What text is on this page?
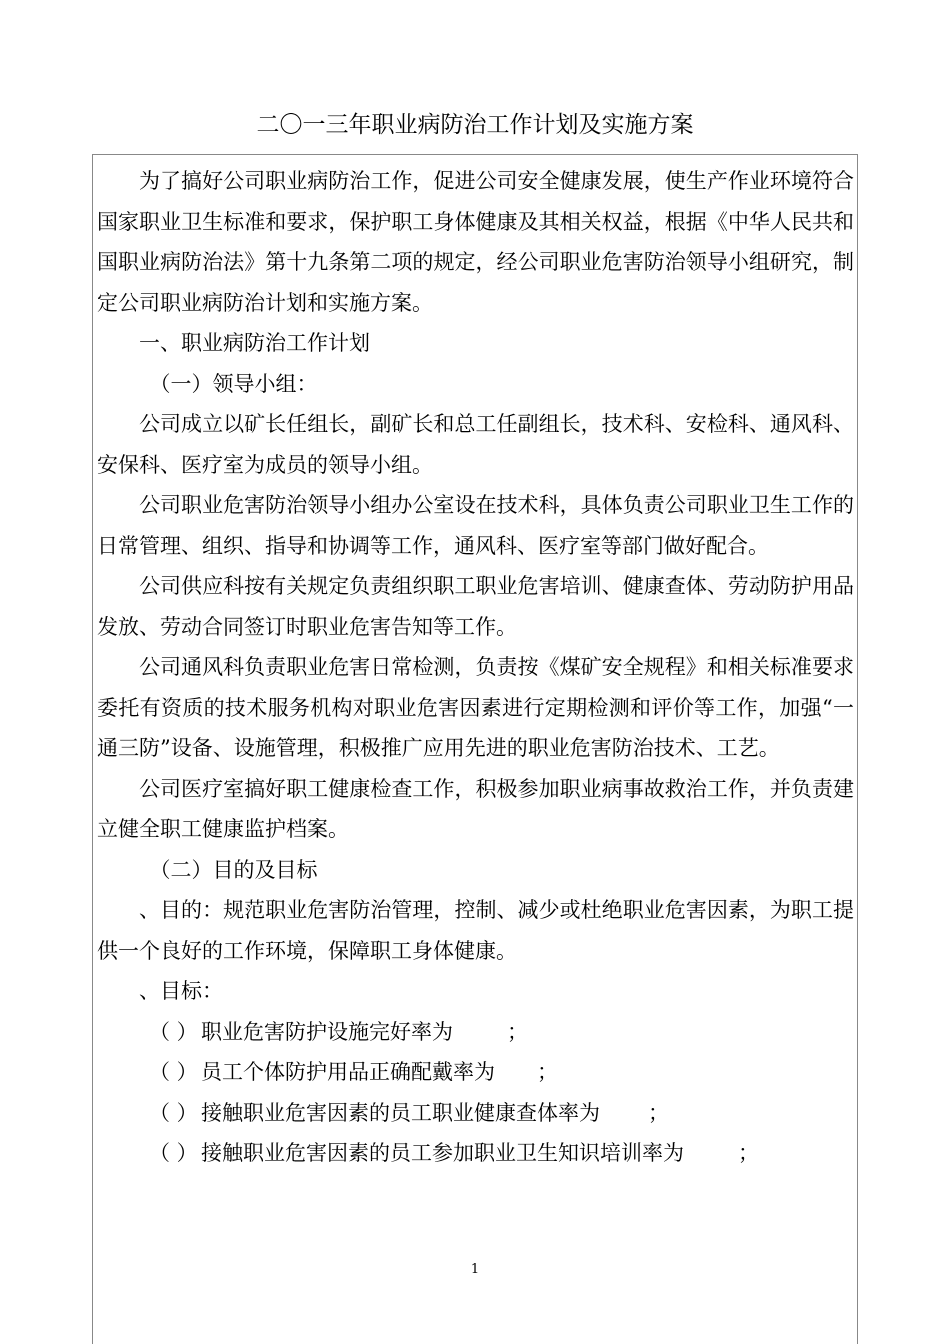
二〇一三年职业病防治工作计划及实施方案

为了搞好公司职业病防治工作，促进公司安全健康发展，使生产作业环境符合国家职业卫生标准和要求，保护职工身体健康及其相关权益，根据《中华人民共和国职业病防治法》第十九条第二项的规定，经公司职业危害防治领导小组研究，制定公司职业病防治计划和实施方案。

一、职业病防治工作计划

（一）领导小组：

公司成立以矿长任组长，副矿长和总工任副组长，技术科、安检科、通风科、安保科、医疗室为成员的领导小组。

公司职业危害防治领导小组办公室设在技术科，具体负责公司职业卫生工作的日常管理、组织、指导和协调等工作，通风科、医疗室等部门做好配合。

公司供应科按有关规定负责组织职工职业危害培训、健康查体、劳动防护用品发放、劳动合同签订时职业危害告知等工作。

公司通风科负责职业危害日常检测，负责按《煤矿安全规程》和相关标准要求委托有资质的技术服务机构对职业危害因素进行定期检测和评价等工作，加强“一通三防”设备、设施管理，积极推广应用先进的职业危害防治技术、工艺。

公司医疗室搞好职工健康检查工作，积极参加职业病事故救治工作，并负责建立健全职工健康监护档案。

（二）目的及目标

、目的：规范职业危害防治管理，控制、减少或杜绝职业危害因素，为职工提供一个良好的工作环境，保障职工身体健康。

、目标：

（ ） 职业危害防护设施完好率为	；
（ ） 员工个体防护用品正确配戴率为 ；
（ ） 接触职业危害因素的员工职业健康查体率为 ；
（ ） 接触职业危害因素的员工参加职业卫生知识培训率为	；
1
